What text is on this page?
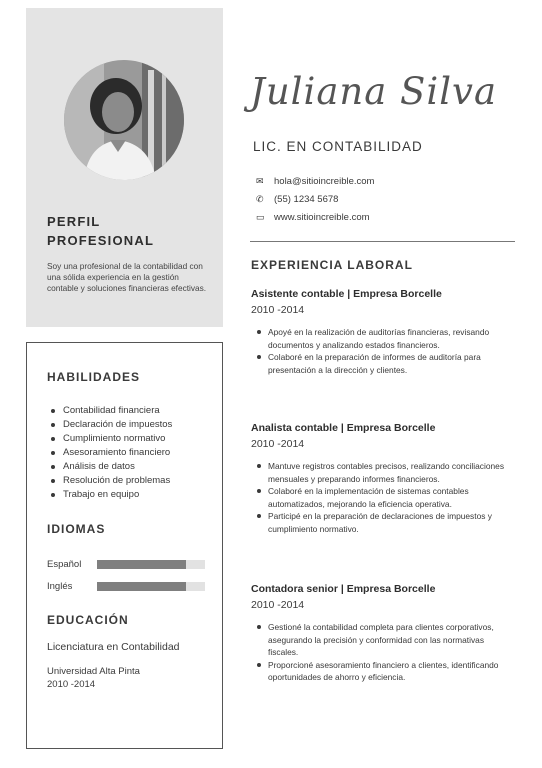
PERFIL
PROFESIONAL
Soy una profesional de la contabilidad con una sólida experiencia en la gestión contable y soluciones financieras efectivas.
HABILIDADES
Contabilidad financiera
Declaración de impuestos
Cumplimiento normativo
Asesoramiento financiero
Análisis de datos
Resolución de problemas
Trabajo en equipo
IDIOMAS
Español
Inglés
EDUCACIÓN
Licenciatura en Contabilidad
Universidad Alta Pinta
2010 -2014
Juliana Silva
LIC. EN CONTABILIDAD
✉ hola@sitioincreible.com
✆ (55) 1234 5678
▭ www.sitioincreible.com
EXPERIENCIA LABORAL
Asistente contable | Empresa Borcelle
2010 -2014
Apoyé en la realización de auditorías financieras, revisando documentos y analizando estados financieros.
Colaboré en la preparación de informes de auditoría para presentación a la dirección y clientes.
Analista contable | Empresa Borcelle
2010 -2014
Mantuve registros contables precisos, realizando conciliaciones mensuales y preparando informes financieros.
Colaboré en la implementación de sistemas contables automatizados, mejorando la eficiencia operativa.
Participé en la preparación de declaraciones de impuestos y cumplimiento normativo.
Contadora senior | Empresa Borcelle
2010 -2014
Gestioné la contabilidad completa para clientes corporativos, asegurando la precisión y conformidad con las normativas fiscales.
Proporcioné asesoramiento financiero a clientes, identificando oportunidades de ahorro y eficiencia.
